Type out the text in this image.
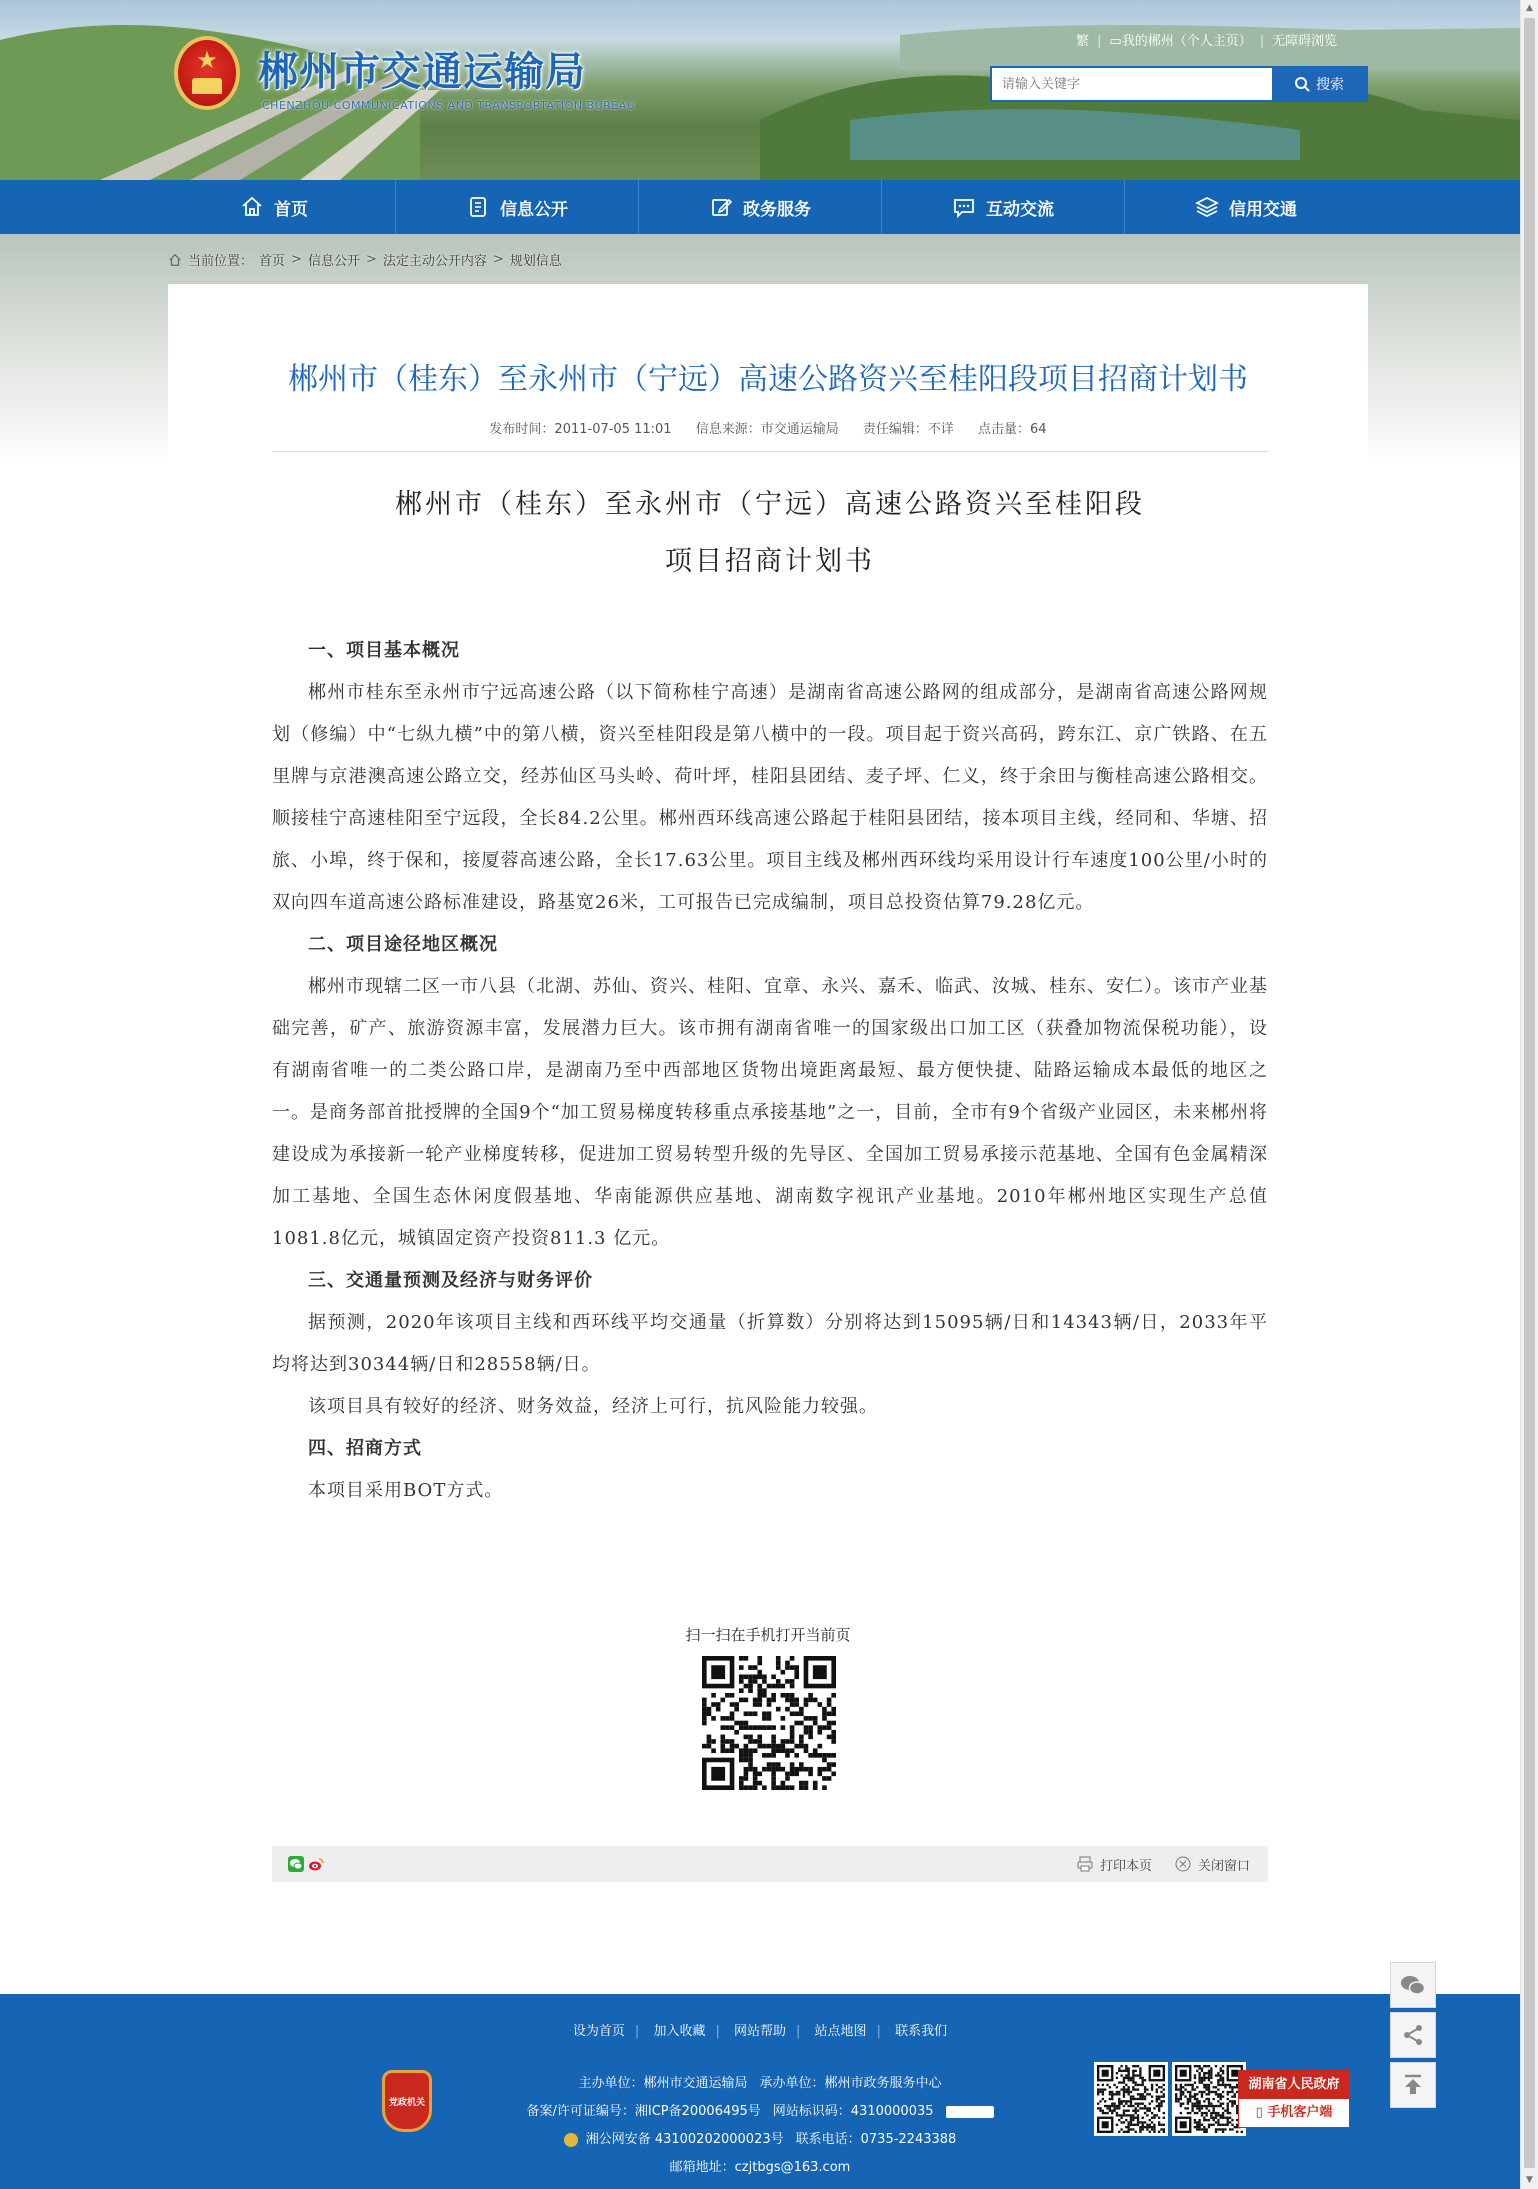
★	郴州市交通运输局
CHENZHOU COMMUNICATIONS AND TRANSPORTATION BUREAU
繁 | ▭我的郴州（个人主页） | 无障碍浏览
请输入关键字
搜索
首页	信息公开	政务服务	互动交流	信用交通
当前位置： 首页 > 信息公开 > 法定主动公开内容 > 规划信息
郴州市（桂东）至永州市（宁远）高速公路资兴至桂阳段项目招商计划书
发布时间：2011-07-05 11:01 信息来源：市交通运输局 责任编辑：不详 点击量：64
郴州市（桂东）至永州市（宁远）高速公路资兴至桂阳段
项目招商计划书

一、项目基本概况

郴州市桂东至永州市宁远高速公路（以下简称桂宁高速）是湖南省高速公路网的组成部分，是湖南省高速公路网规划（修编）中“七纵九横”中的第八横，资兴至桂阳段是第八横中的一段。项目起于资兴高码，跨东江、京广铁路、在五里牌与京港澳高速公路立交，经苏仙区马头岭、荷叶坪，桂阳县团结、麦子坪、仁义，终于余田与衡桂高速公路相交。顺接桂宁高速桂阳至宁远段，全长84.2公里。郴州西环线高速公路起于桂阳县团结，接本项目主线，经同和、华塘、招旅、小埠，终于保和，接厦蓉高速公路，全长17.63公里。项目主线及郴州西环线均采用设计行车速度100公里/小时的双向四车道高速公路标准建设，路基宽26米，工可报告已完成编制，项目总投资估算79.28亿元。

二、项目途径地区概况

郴州市现辖二区一市八县（北湖、苏仙、资兴、桂阳、宜章、永兴、嘉禾、临武、汝城、桂东、安仁）。该市产业基础完善，矿产、旅游资源丰富，发展潜力巨大。该市拥有湖南省唯一的国家级出口加工区（获叠加物流保税功能），设有湖南省唯一的二类公路口岸，是湖南乃至中西部地区货物出境距离最短、最方便快捷、陆路运输成本最低的地区之一。是商务部首批授牌的全国9个“加工贸易梯度转移重点承接基地”之一，目前，全市有9个省级产业园区，未来郴州将建设成为承接新一轮产业梯度转移，促进加工贸易转型升级的先导区、全国加工贸易承接示范基地、全国有色金属精深加工基地、全国生态休闲度假基地、华南能源供应基地、湖南数字视讯产业基地。2010年郴州地区实现生产总值1081.8亿元，城镇固定资产投资811.3 亿元。

三、交通量预测及经济与财务评价

据预测，2020年该项目主线和西环线平均交通量（折算数）分别将达到15095辆/日和14343辆/日，2033年平均将达到30344辆/日和28558辆/日。

该项目具有较好的经济、财务效益，经济上可行，抗风险能力较强。

四、招商方式

本项目采用BOT方式。

扫一扫在手机打开当前页
打印本页	关闭窗口
设为首页 | 加入收藏 | 网站帮助 | 站点地图 | 联系我们
党政机关
主办单位：郴州市交通运输局 承办单位：郴州市政务服务中心
备案/许可证编号：湘ICP备20006495号 网站标识码：4310000035
湘公网安备 43100202000023号 联系电话：0735-2243388
邮箱地址：czjtbgs@163.com
湖南省人民政府
▯ 手机客户端
▲
▼
